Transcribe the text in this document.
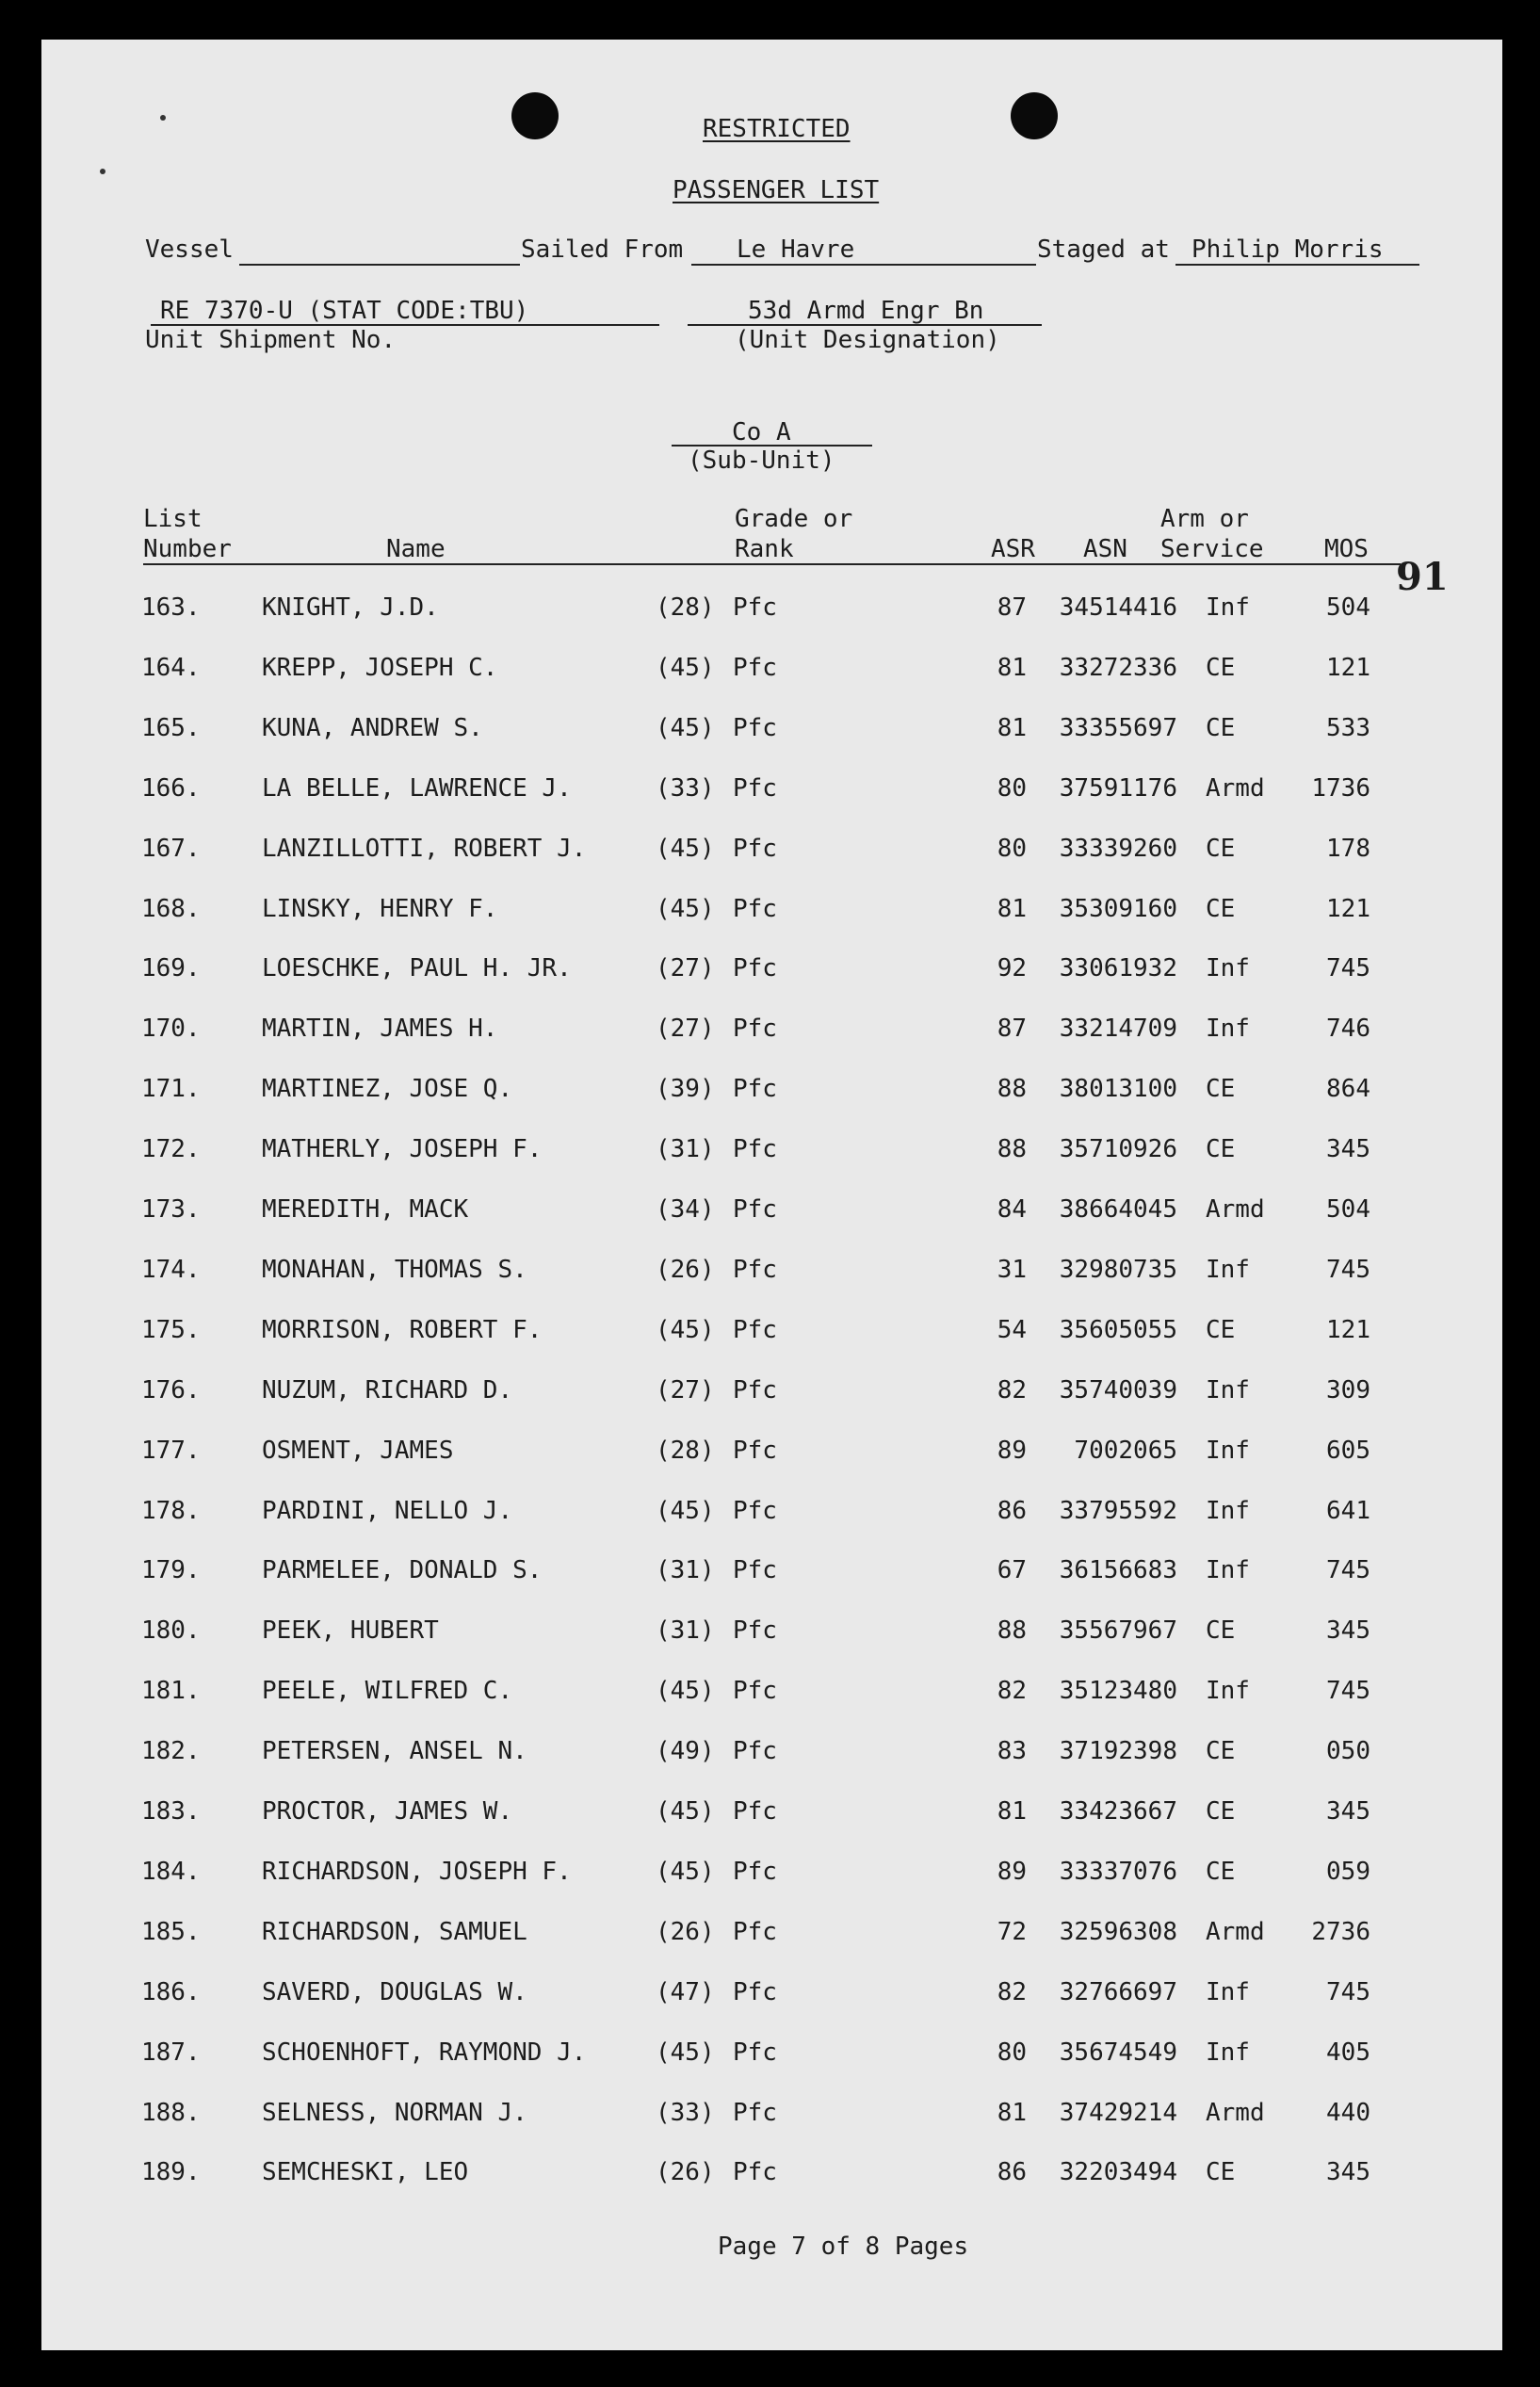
RESTRICTED
PASSENGER LIST
Vessel	Sailed From Le Havre	Staged at Philip Morris
RE 7370-U (STAT CODE:TBU)
Unit Shipment No.
53d Armd Engr Bn
(Unit Designation)
Co A
(Sub-Unit)
List
Number	Name
Grade or
Rank	ASR ASN
Arm or
Service MOS
91
163.	KNIGHT, J.D.	(28) Pfc	87	34514416 Inf	504
164.	KREPP, JOSEPH C.	(45) Pfc	81	33272336 CE	121
165.	KUNA, ANDREW S.	(45) Pfc	81	33355697 CE	533
166.	LA BELLE, LAWRENCE J.	(33) Pfc	80	37591176 Armd 1736
167.	LANZILLOTTI, ROBERT J.	(45) Pfc	80	33339260 CE	178
168.	LINSKY, HENRY F.	(45) Pfc	81	35309160 CE	121
169.	LOESCHKE, PAUL H. JR.	(27) Pfc	92	33061932 Inf	745
170.	MARTIN, JAMES H.	(27) Pfc	87	33214709 Inf	746
171.	MARTINEZ, JOSE Q.	(39) Pfc	88	38013100 CE	864
172.	MATHERLY, JOSEPH F.	(31) Pfc	88	35710926 CE	345
173.	MEREDITH, MACK	(34) Pfc	84	38664045 Armd	504
174.	MONAHAN, THOMAS S.	(26) Pfc	31	32980735 Inf	745
175.	MORRISON, ROBERT F.	(45) Pfc	54	35605055 CE	121
176.	NUZUM, RICHARD D.	(27) Pfc	82	35740039 Inf	309
177.	OSMENT, JAMES	(28) Pfc	89	7002065 Inf	605
178.	PARDINI, NELLO J.	(45) Pfc	86	33795592 Inf	641
179.	PARMELEE, DONALD S.	(31) Pfc	67	36156683 Inf	745
180.	PEEK, HUBERT	(31) Pfc	88	35567967 CE	345
181.	PEELE, WILFRED C.	(45) Pfc	82	35123480 Inf	745
182.	PETERSEN, ANSEL N.	(49) Pfc	83	37192398 CE	050
183.	PROCTOR, JAMES W.	(45) Pfc	81	33423667 CE	345
184.	RICHARDSON, JOSEPH F.	(45) Pfc	89	33337076 CE	059
185.	RICHARDSON, SAMUEL	(26) Pfc	72	32596308 Armd 2736
186.	SAVERD, DOUGLAS W.	(47) Pfc	82	32766697 Inf	745
187.	SCHOENHOFT, RAYMOND J.	(45) Pfc	80	35674549 Inf	405
188.	SELNESS, NORMAN J.	(33) Pfc	81	37429214 Armd	440
189.	SEMCHESKI, LEO	(26) Pfc	86	32203494 CE	345
Page 7 of 8 Pages
